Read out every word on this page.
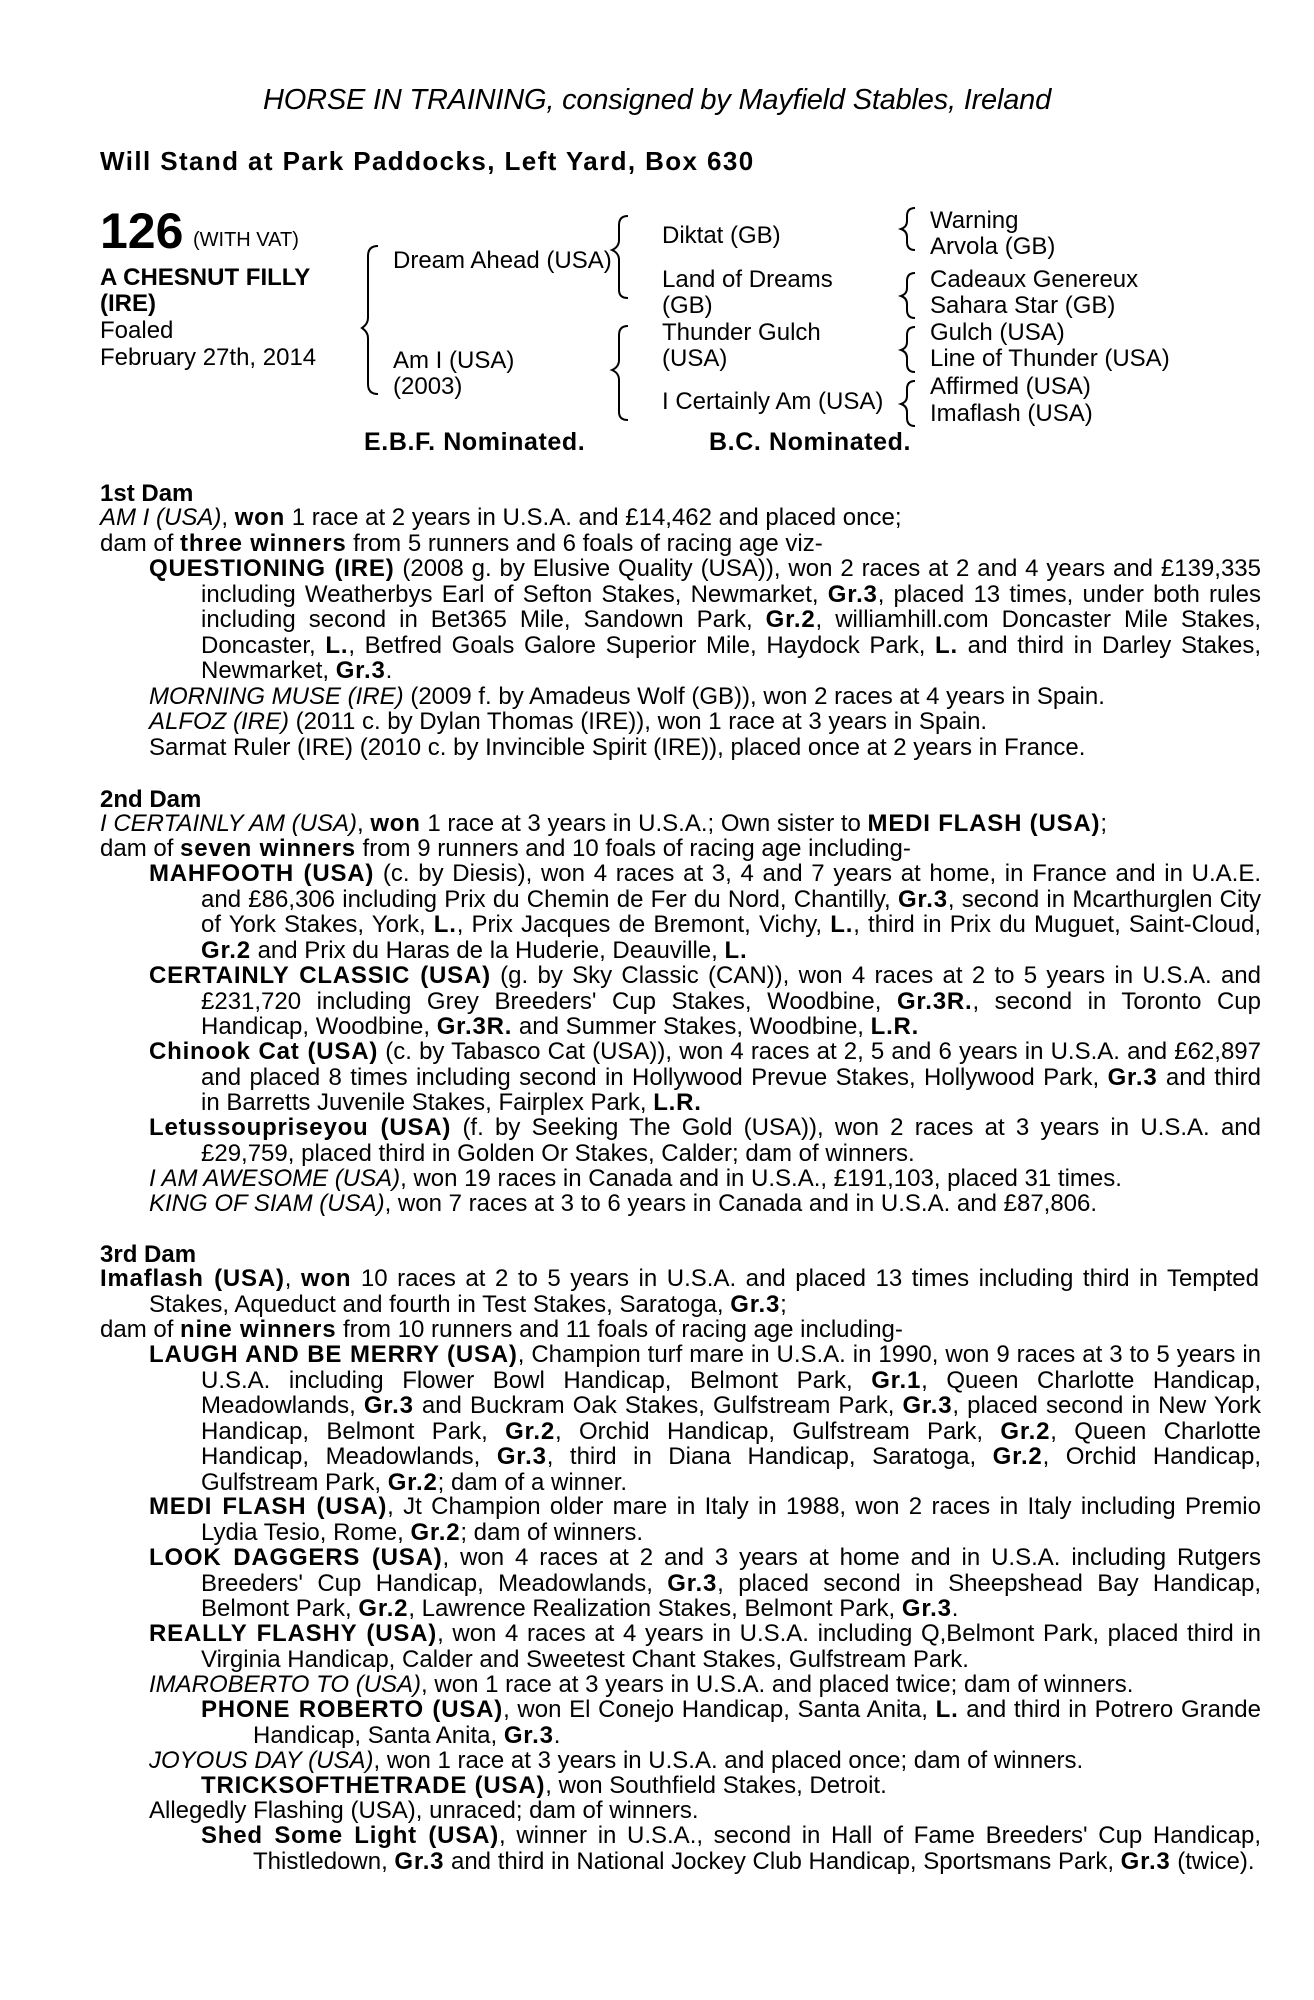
HORSE IN TRAINING, consigned by Mayfield Stables, Ireland
Will Stand at Park Paddocks, Left Yard, Box 630
126 (WITH VAT)
A CHESNUT FILLY
(IRE)
Foaled
February 27th, 2014
Dream Ahead (USA)
Am I (USA)
(2003)
Diktat (GB)
Land of Dreams
(GB)
Thunder Gulch
(USA)
I Certainly Am (USA)
Warning
Arvola (GB)
Cadeaux Genereux
Sahara Star (GB)
Gulch (USA)
Line of Thunder (USA)
Affirmed (USA)
Imaflash (USA)
E.B.F. Nominated.	B.C. Nominated.
1st Dam
AM I (USA), won 1 race at 2 years in U.S.A. and £14,462 and placed once;
dam of three winners from 5 runners and 6 foals of racing age viz-
QUESTIONING (IRE) (2008 g. by Elusive Quality (USA)), won 2 races at 2 and 4 years and £139,335 including Weatherbys Earl of Sefton Stakes, Newmarket, Gr.3, placed 13 times, under both rules including second in Bet365 Mile, Sandown Park, Gr.2, williamhill.com Doncaster Mile Stakes, Doncaster, L., Betfred Goals Galore Superior Mile, Haydock Park, L. and third in Darley Stakes, Newmarket, Gr.3.
MORNING MUSE (IRE) (2009 f. by Amadeus Wolf (GB)), won 2 races at 4 years in Spain.
ALFOZ (IRE) (2011 c. by Dylan Thomas (IRE)), won 1 race at 3 years in Spain.
Sarmat Ruler (IRE) (2010 c. by Invincible Spirit (IRE)), placed once at 2 years in France.
2nd Dam
I CERTAINLY AM (USA), won 1 race at 3 years in U.S.A.; Own sister to MEDI FLASH (USA);
dam of seven winners from 9 runners and 10 foals of racing age including-
MAHFOOTH (USA) (c. by Diesis), won 4 races at 3, 4 and 7 years at home, in France and in U.A.E. and £86,306 including Prix du Chemin de Fer du Nord, Chantilly, Gr.3, second in Mcarthurglen City of York Stakes, York, L., Prix Jacques de Bremont, Vichy, L., third in Prix du Muguet, Saint-Cloud, Gr.2 and Prix du Haras de la Huderie, Deauville, L.
CERTAINLY CLASSIC (USA) (g. by Sky Classic (CAN)), won 4 races at 2 to 5 years in U.S.A. and £231,720 including Grey Breeders' Cup Stakes, Woodbine, Gr.3R., second in Toronto Cup Handicap, Woodbine, Gr.3R. and Summer Stakes, Woodbine, L.R.
Chinook Cat (USA) (c. by Tabasco Cat (USA)), won 4 races at 2, 5 and 6 years in U.S.A. and £62,897 and placed 8 times including second in Hollywood Prevue Stakes, Hollywood Park, Gr.3 and third in Barretts Juvenile Stakes, Fairplex Park, L.R.
Letussoupriseyou (USA) (f. by Seeking The Gold (USA)), won 2 races at 3 years in U.S.A. and £29,759, placed third in Golden Or Stakes, Calder; dam of winners.
I AM AWESOME (USA), won 19 races in Canada and in U.S.A., £191,103, placed 31 times.
KING OF SIAM (USA), won 7 races at 3 to 6 years in Canada and in U.S.A. and £87,806.
3rd Dam
Imaflash (USA), won 10 races at 2 to 5 years in U.S.A. and placed 13 times including third in Tempted Stakes, Aqueduct and fourth in Test Stakes, Saratoga, Gr.3;
dam of nine winners from 10 runners and 11 foals of racing age including-
LAUGH AND BE MERRY (USA), Champion turf mare in U.S.A. in 1990, won 9 races at 3 to 5 years in U.S.A. including Flower Bowl Handicap, Belmont Park, Gr.1, Queen Charlotte Handicap, Meadowlands, Gr.3 and Buckram Oak Stakes, Gulfstream Park, Gr.3, placed second in New York Handicap, Belmont Park, Gr.2, Orchid Handicap, Gulfstream Park, Gr.2, Queen Charlotte Handicap, Meadowlands, Gr.3, third in Diana Handicap, Saratoga, Gr.2, Orchid Handicap, Gulfstream Park, Gr.2; dam of a winner.
MEDI FLASH (USA), Jt Champion older mare in Italy in 1988, won 2 races in Italy including Premio Lydia Tesio, Rome, Gr.2; dam of winners.
LOOK DAGGERS (USA), won 4 races at 2 and 3 years at home and in U.S.A. including Rutgers Breeders' Cup Handicap, Meadowlands, Gr.3, placed second in Sheepshead Bay Handicap, Belmont Park, Gr.2, Lawrence Realization Stakes, Belmont Park, Gr.3.
REALLY FLASHY (USA), won 4 races at 4 years in U.S.A. including Q,Belmont Park, placed third in Virginia Handicap, Calder and Sweetest Chant Stakes, Gulfstream Park.
IMAROBERTO TO (USA), won 1 race at 3 years in U.S.A. and placed twice; dam of winners.
PHONE ROBERTO (USA), won El Conejo Handicap, Santa Anita, L. and third in Potrero Grande Handicap, Santa Anita, Gr.3.
JOYOUS DAY (USA), won 1 race at 3 years in U.S.A. and placed once; dam of winners.
TRICKSOFTHETRADE (USA), won Southfield Stakes, Detroit.
Allegedly Flashing (USA), unraced; dam of winners.
Shed Some Light (USA), winner in U.S.A., second in Hall of Fame Breeders' Cup Handicap, Thistledown, Gr.3 and third in National Jockey Club Handicap, Sportsmans Park, Gr.3 (twice).
